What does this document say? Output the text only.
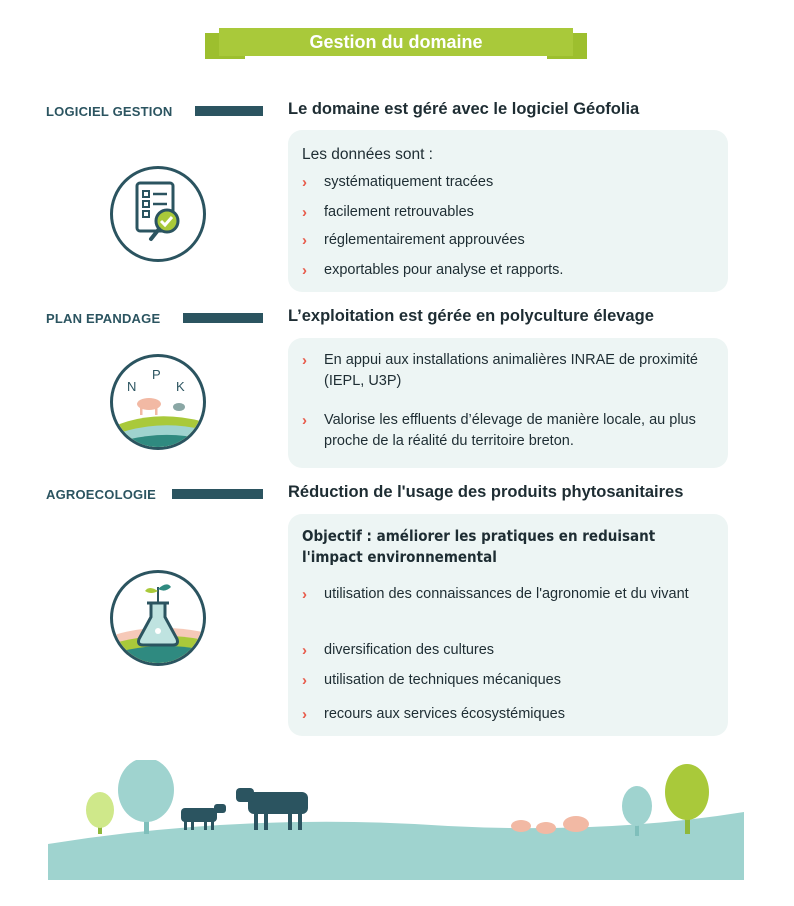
Gestion du domaine
LOGICIEL GESTION	Le domaine est géré avec le logiciel Géofolia
Les données sont :
› systématiquement tracées
› facilement retrouvables
› réglementairement approuvées
› exportables pour analyse et rapports.
PLAN EPANDAGE	L’exploitation est gérée en polyculture élevage
N
P
K
› En appui aux installations animalières INRAE de proximité (IEPL, U3P)
› Valorise les effluents d’élevage de manière locale, au plus proche de la réalité du territoire breton.
AGROECOLOGIE	Réduction de l'usage des produits phytosanitaires
Objectif : améliorer les pratiques en reduisant l'impact environnemental
› utilisation des connaissances de l'agronomie et du vivant
› diversification des cultures
› utilisation de techniques mécaniques
› recours aux services écosystémiques
